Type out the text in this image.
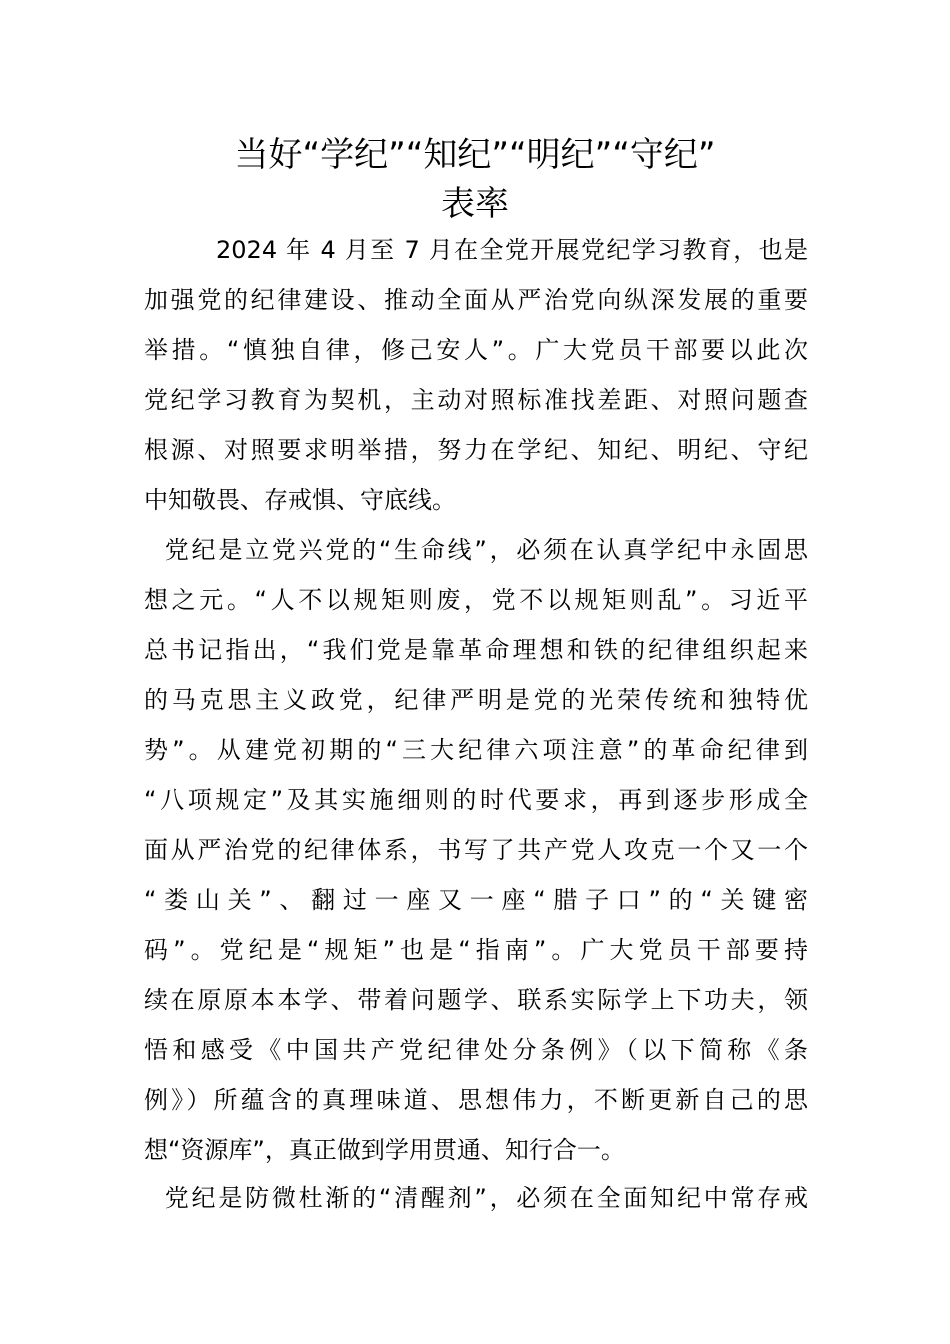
当好“学纪”“知纪”“明纪”“守纪”
表率
2024 年 4 月至 7 月在全党开展党纪学习教育，也是
加强党的纪律建设、推动全面从严治党向纵深发展的重要
举措。“慎独自律，修己安人”。广大党员干部要以此次
党纪学习教育为契机，主动对照标准找差距、对照问题查
根源、对照要求明举措，努力在学纪、知纪、明纪、守纪
中知敬畏、存戒惧、守底线。
党纪是立党兴党的“生命线”，必须在认真学纪中永固思
想之元。“人不以规矩则废，党不以规矩则乱”。习近平
总书记指出，“我们党是靠革命理想和铁的纪律组织起来
的马克思主义政党，纪律严明是党的光荣传统和独特优
势”。从建党初期的“三大纪律六项注意”的革命纪律到
“八项规定”及其实施细则的时代要求，再到逐步形成全
面从严治党的纪律体系，书写了共产党人攻克一个又一个
“娄山关”、翻过一座又一座“腊子口”的“关键密
码”。党纪是“规矩”也是“指南”。广大党员干部要持
续在原原本本学、带着问题学、联系实际学上下功夫，领
悟和感受《中国共产党纪律处分条例》（以下简称《条
例》）所蕴含的真理味道、思想伟力，不断更新自己的思
想“资源库”，真正做到学用贯通、知行合一。
党纪是防微杜渐的“清醒剂”，必须在全面知纪中常存戒
